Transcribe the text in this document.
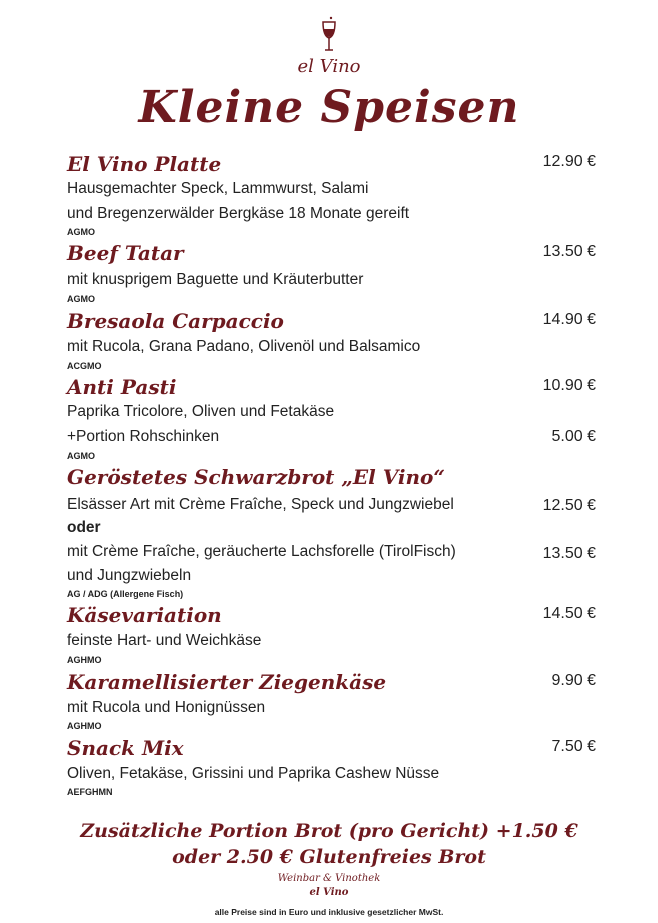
el Vino
Kleine Speisen
El Vino Platte	12.90 €
Hausgemachter Speck, Lammwurst, Salami
und Bregenzerwälder Bergkäse 18 Monate gereift
AGMO
Beef Tatar	13.50 €
mit knusprigem Baguette und Kräuterbutter
AGMO
Bresaola Carpaccio	14.90 €
mit Rucola, Grana Padano, Olivenöl und Balsamico
ACGMO
Anti Pasti	10.90 €
Paprika Tricolore, Oliven und Fetakäse
+Portion Rohschinken	5.00 €
AGMO
Geröstetes Schwarzbrot „El Vino“
Elsässer Art mit Crème Fraîche, Speck und Jungzwiebel	12.50 €
oder
mit Crème Fraîche, geräucherte Lachsforelle (TirolFisch)	13.50 €
und Jungzwiebeln
AG / ADG (Allergene Fisch)
Käsevariation	14.50 €
feinste Hart- und Weichkäse
AGHMO
Karamellisierter Ziegenkäse	9.90 €
mit Rucola und Honignüssen
AGHMO
Snack Mix	7.50 €
Oliven, Fetakäse, Grissini und Paprika Cashew Nüsse
AEFGHMN
Zusätzliche Portion Brot (pro Gericht) +1.50 €
oder 2.50 € Glutenfreies Brot
Weinbar & Vinothek
el Vino
alle Preise sind in Euro und inklusive gesetzlicher MwSt.
